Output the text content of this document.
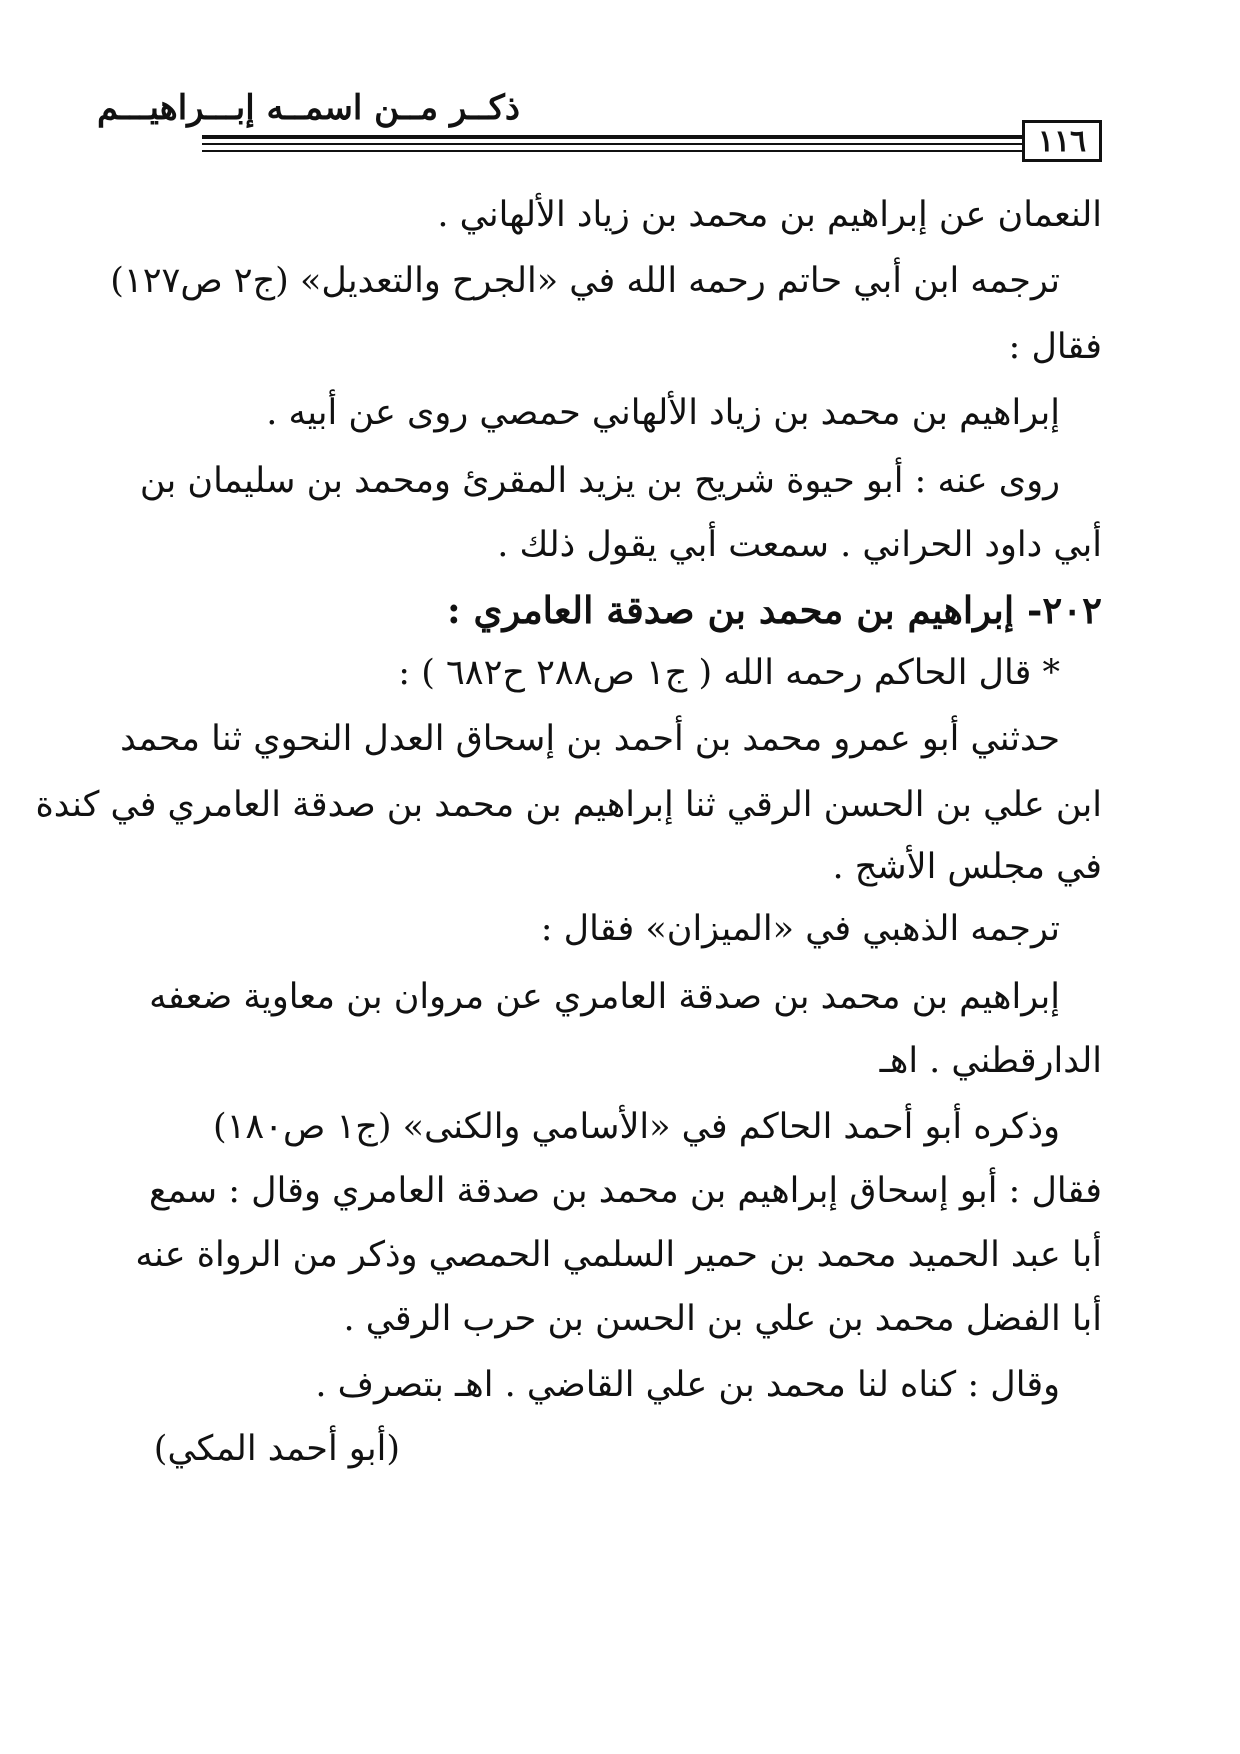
ذكــر مــن اسمــه إبـــراهيـــم
١١٦
النعمان عن إبراهيم بن محمد بن زياد الألهاني .
ترجمه ابن أبي حاتم رحمه الله في «الجرح والتعديل» (ج٢ ص١٢٧)
فقال :
إبراهيم بن محمد بن زياد الألهاني حمصي روى عن أبيه .
روى عنه : أبو حيوة شريح بن يزيد المقرئ ومحمد بن سليمان بن
أبي داود الحراني . سمعت أبي يقول ذلك .
٢٠٢- إبراهيم بن محمد بن صدقة العامري :
* قال الحاكم رحمه الله ( ج١ ص٢٨٨ ح٦٨٢ ) :
حدثني أبو عمرو محمد بن أحمد بن إسحاق العدل النحوي ثنا محمد
ابن علي بن الحسن الرقي ثنا إبراهيم بن محمد بن صدقة العامري في كندة
في مجلس الأشج .
ترجمه الذهبي في «الميزان» فقال :
إبراهيم بن محمد بن صدقة العامري عن مروان بن معاوية ضعفه
الدارقطني . اهـ
وذكره أبو أحمد الحاكم في «الأسامي والكنى» (ج١ ص١٨٠)
فقال : أبو إسحاق إبراهيم بن محمد بن صدقة العامري وقال : سمع
أبا عبد الحميد محمد بن حمير السلمي الحمصي وذكر من الرواة عنه
أبا الفضل محمد بن علي بن الحسن بن حرب الرقي .
وقال : كناه لنا محمد بن علي القاضي . اهـ بتصرف .
(أبو أحمد المكي)
